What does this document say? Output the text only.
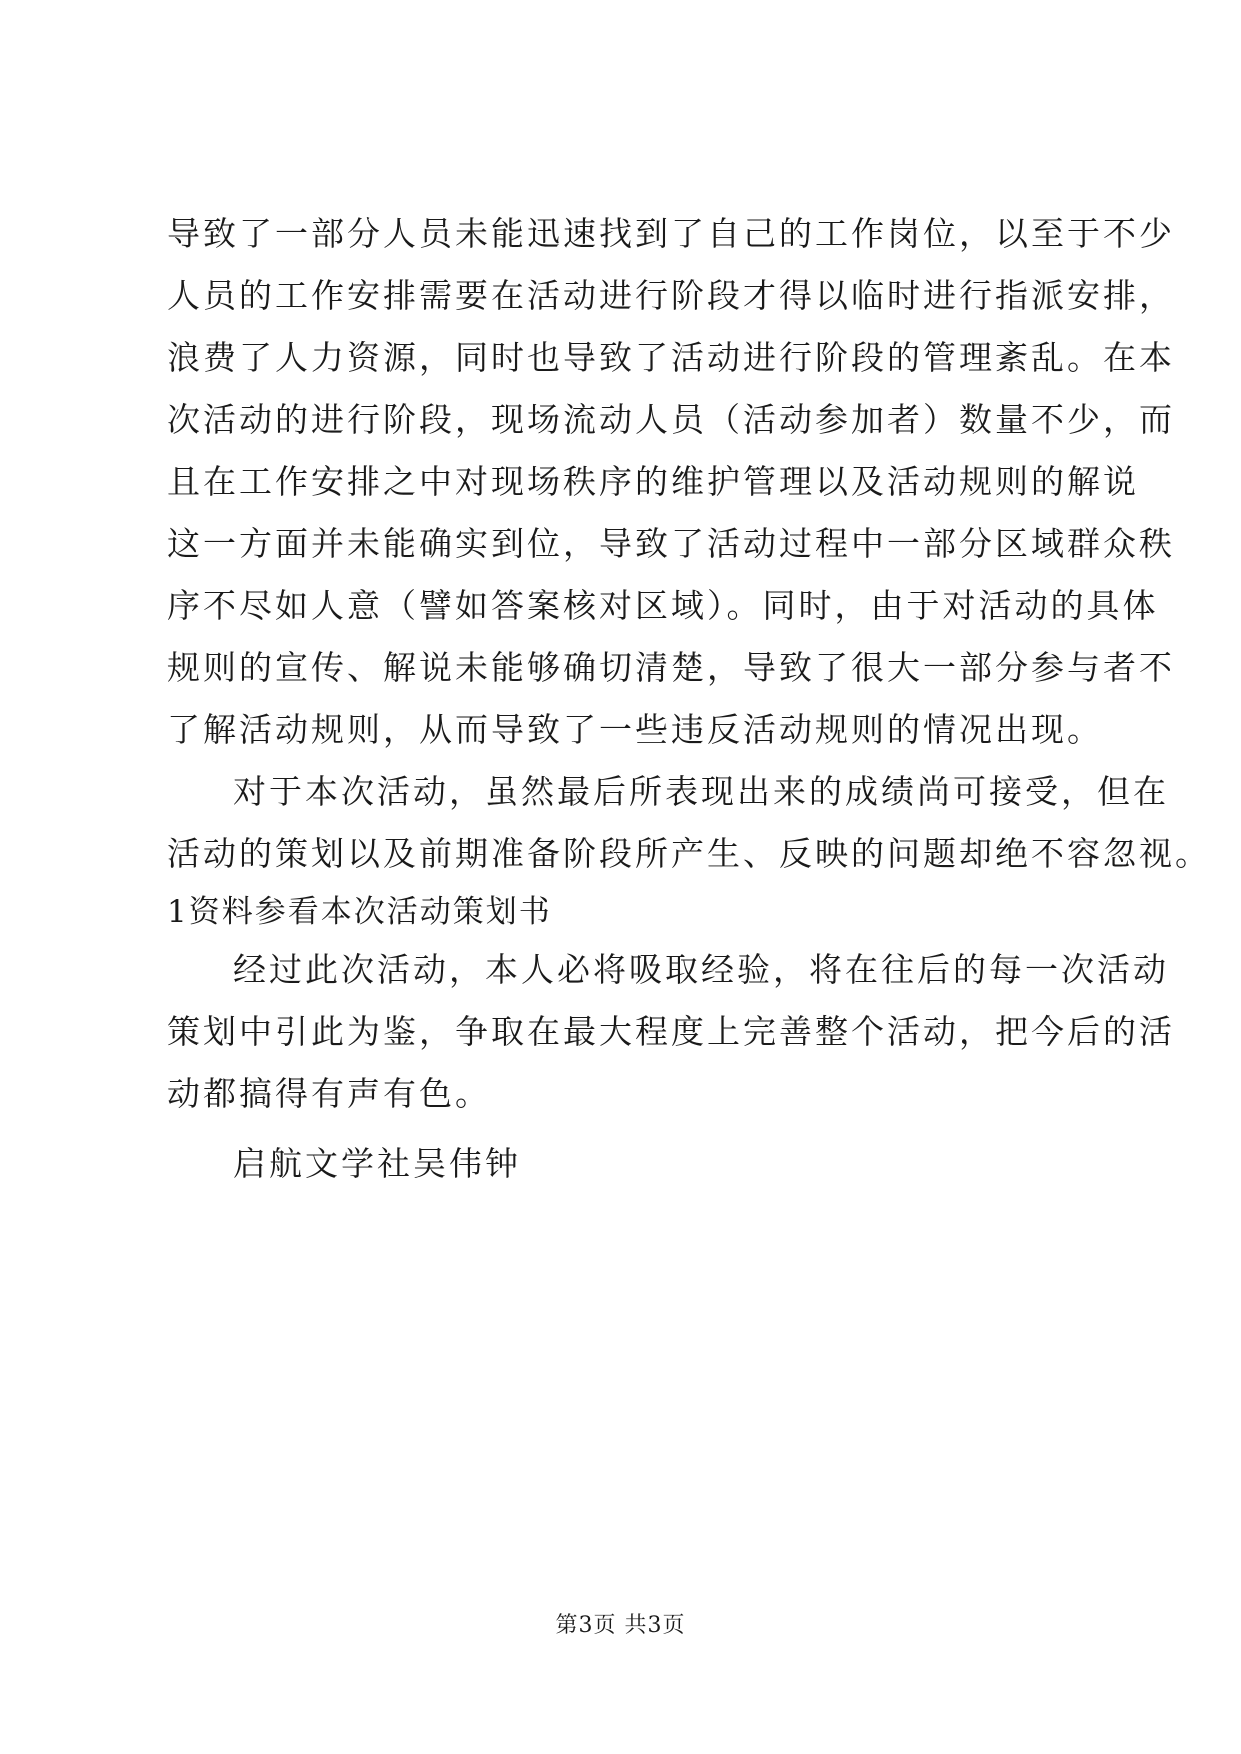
导致了一部分人员未能迅速找到了自己的工作岗位，以至于不少
人员的工作安排需要在活动进行阶段才得以临时进行指派安排，
浪费了人力资源，同时也导致了活动进行阶段的管理紊乱。在本
次活动的进行阶段，现场流动人员（活动参加者）数量不少，而
且在工作安排之中对现场秩序的维护管理以及活动规则的解说
这一方面并未能确实到位，导致了活动过程中一部分区域群众秩
序不尽如人意（譬如答案核对区域）。同时，由于对活动的具体
规则的宣传、解说未能够确切清楚，导致了很大一部分参与者不
了解活动规则，从而导致了一些违反活动规则的情况出现。
对于本次活动，虽然最后所表现出来的成绩尚可接受，但在
活动的策划以及前期准备阶段所产生、反映的问题却绝不容忽视。
1资料参看本次活动策划书
经过此次活动，本人必将吸取经验，将在往后的每一次活动
策划中引此为鉴，争取在最大程度上完善整个活动，把今后的活
动都搞得有声有色。
启航文学社吴伟钟
第3页 共3页
